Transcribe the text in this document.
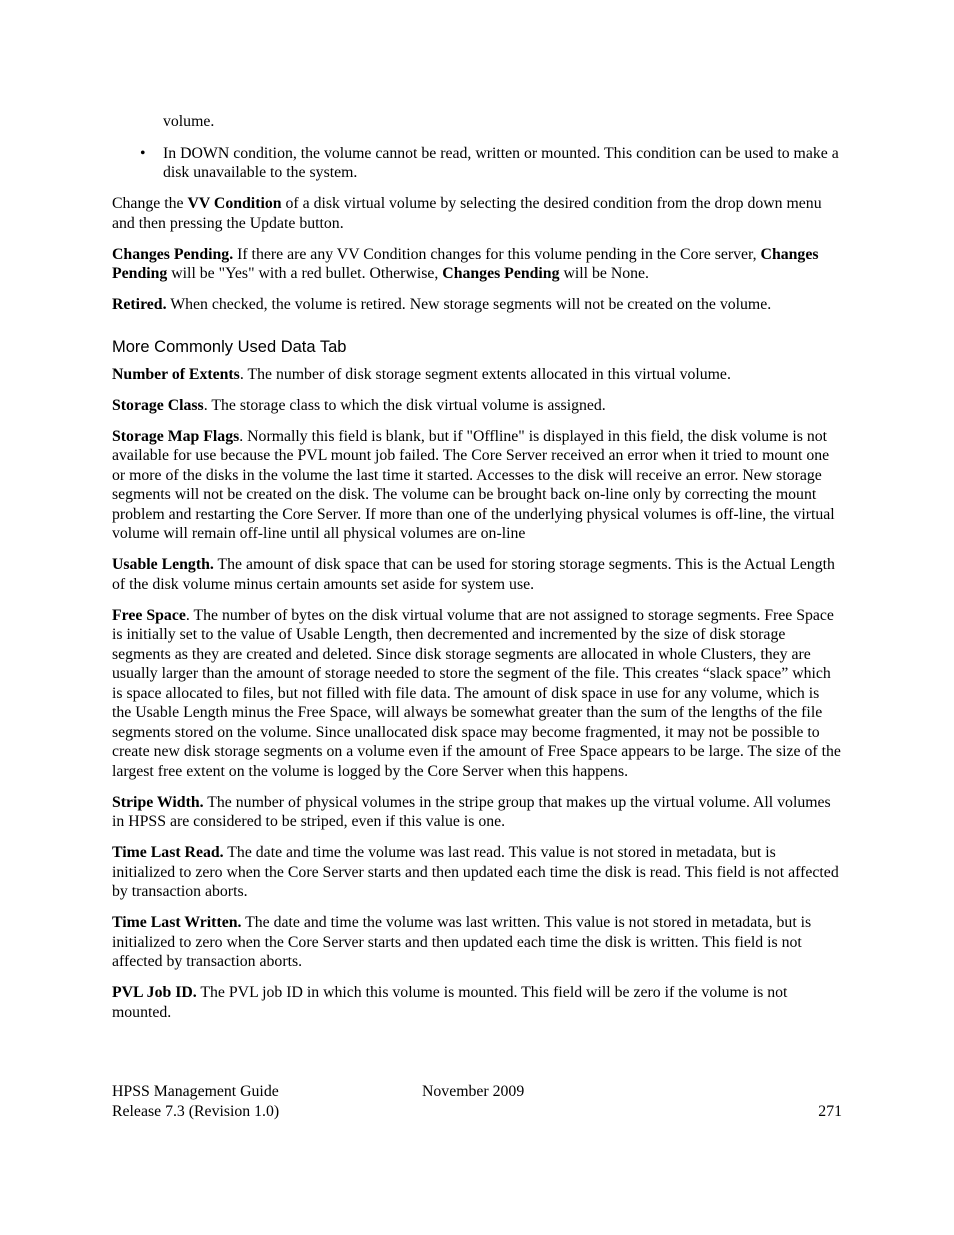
volume.

• In DOWN condition, the volume cannot be read, written or mounted. This condition can be used to make a disk unavailable to the system.

Change the VV Condition of a disk virtual volume by selecting the desired condition from the drop down menu and then pressing the Update button.

Changes Pending. If there are any VV Condition changes for this volume pending in the Core server, Changes Pending will be "Yes" with a red bullet. Otherwise, Changes Pending will be None.

Retired. When checked, the volume is retired. New storage segments will not be created on the volume.

More Commonly Used Data Tab

Number of Extents. The number of disk storage segment extents allocated in this virtual volume.

Storage Class. The storage class to which the disk virtual volume is assigned.

Storage Map Flags. Normally this field is blank, but if "Offline" is displayed in this field, the disk volume is not available for use because the PVL mount job failed. The Core Server received an error when it tried to mount one or more of the disks in the volume the last time it started. Accesses to the disk will receive an error. New storage segments will not be created on the disk. The volume can be brought back on-line only by correcting the mount problem and restarting the Core Server. If more than one of the underlying physical volumes is off-line, the virtual volume will remain off-line until all physical volumes are on-line

Usable Length. The amount of disk space that can be used for storing storage segments. This is the Actual Length of the disk volume minus certain amounts set aside for system use.

Free Space. The number of bytes on the disk virtual volume that are not assigned to storage segments. Free Space is initially set to the value of Usable Length, then decremented and incremented by the size of disk storage segments as they are created and deleted. Since disk storage segments are allocated in whole Clusters, they are usually larger than the amount of storage needed to store the segment of the file. This creates “slack space” which is space allocated to files, but not filled with file data. The amount of disk space in use for any volume, which is the Usable Length minus the Free Space, will always be somewhat greater than the sum of the lengths of the file segments stored on the volume. Since unallocated disk space may become fragmented, it may not be possible to create new disk storage segments on a volume even if the amount of Free Space appears to be large. The size of the largest free extent on the volume is logged by the Core Server when this happens.

Stripe Width. The number of physical volumes in the stripe group that makes up the virtual volume. All volumes in HPSS are considered to be striped, even if this value is one.

Time Last Read. The date and time the volume was last read. This value is not stored in metadata, but is initialized to zero when the Core Server starts and then updated each time the disk is read. This field is not affected by transaction aborts.

Time Last Written. The date and time the volume was last written. This value is not stored in metadata, but is initialized to zero when the Core Server starts and then updated each time the disk is written. This field is not affected by transaction aborts.

PVL Job ID. The PVL job ID in which this volume is mounted. This field will be zero if the volume is not mounted.

HPSS Management Guide	November 2009
Release 7.3 (Revision 1.0)	271
